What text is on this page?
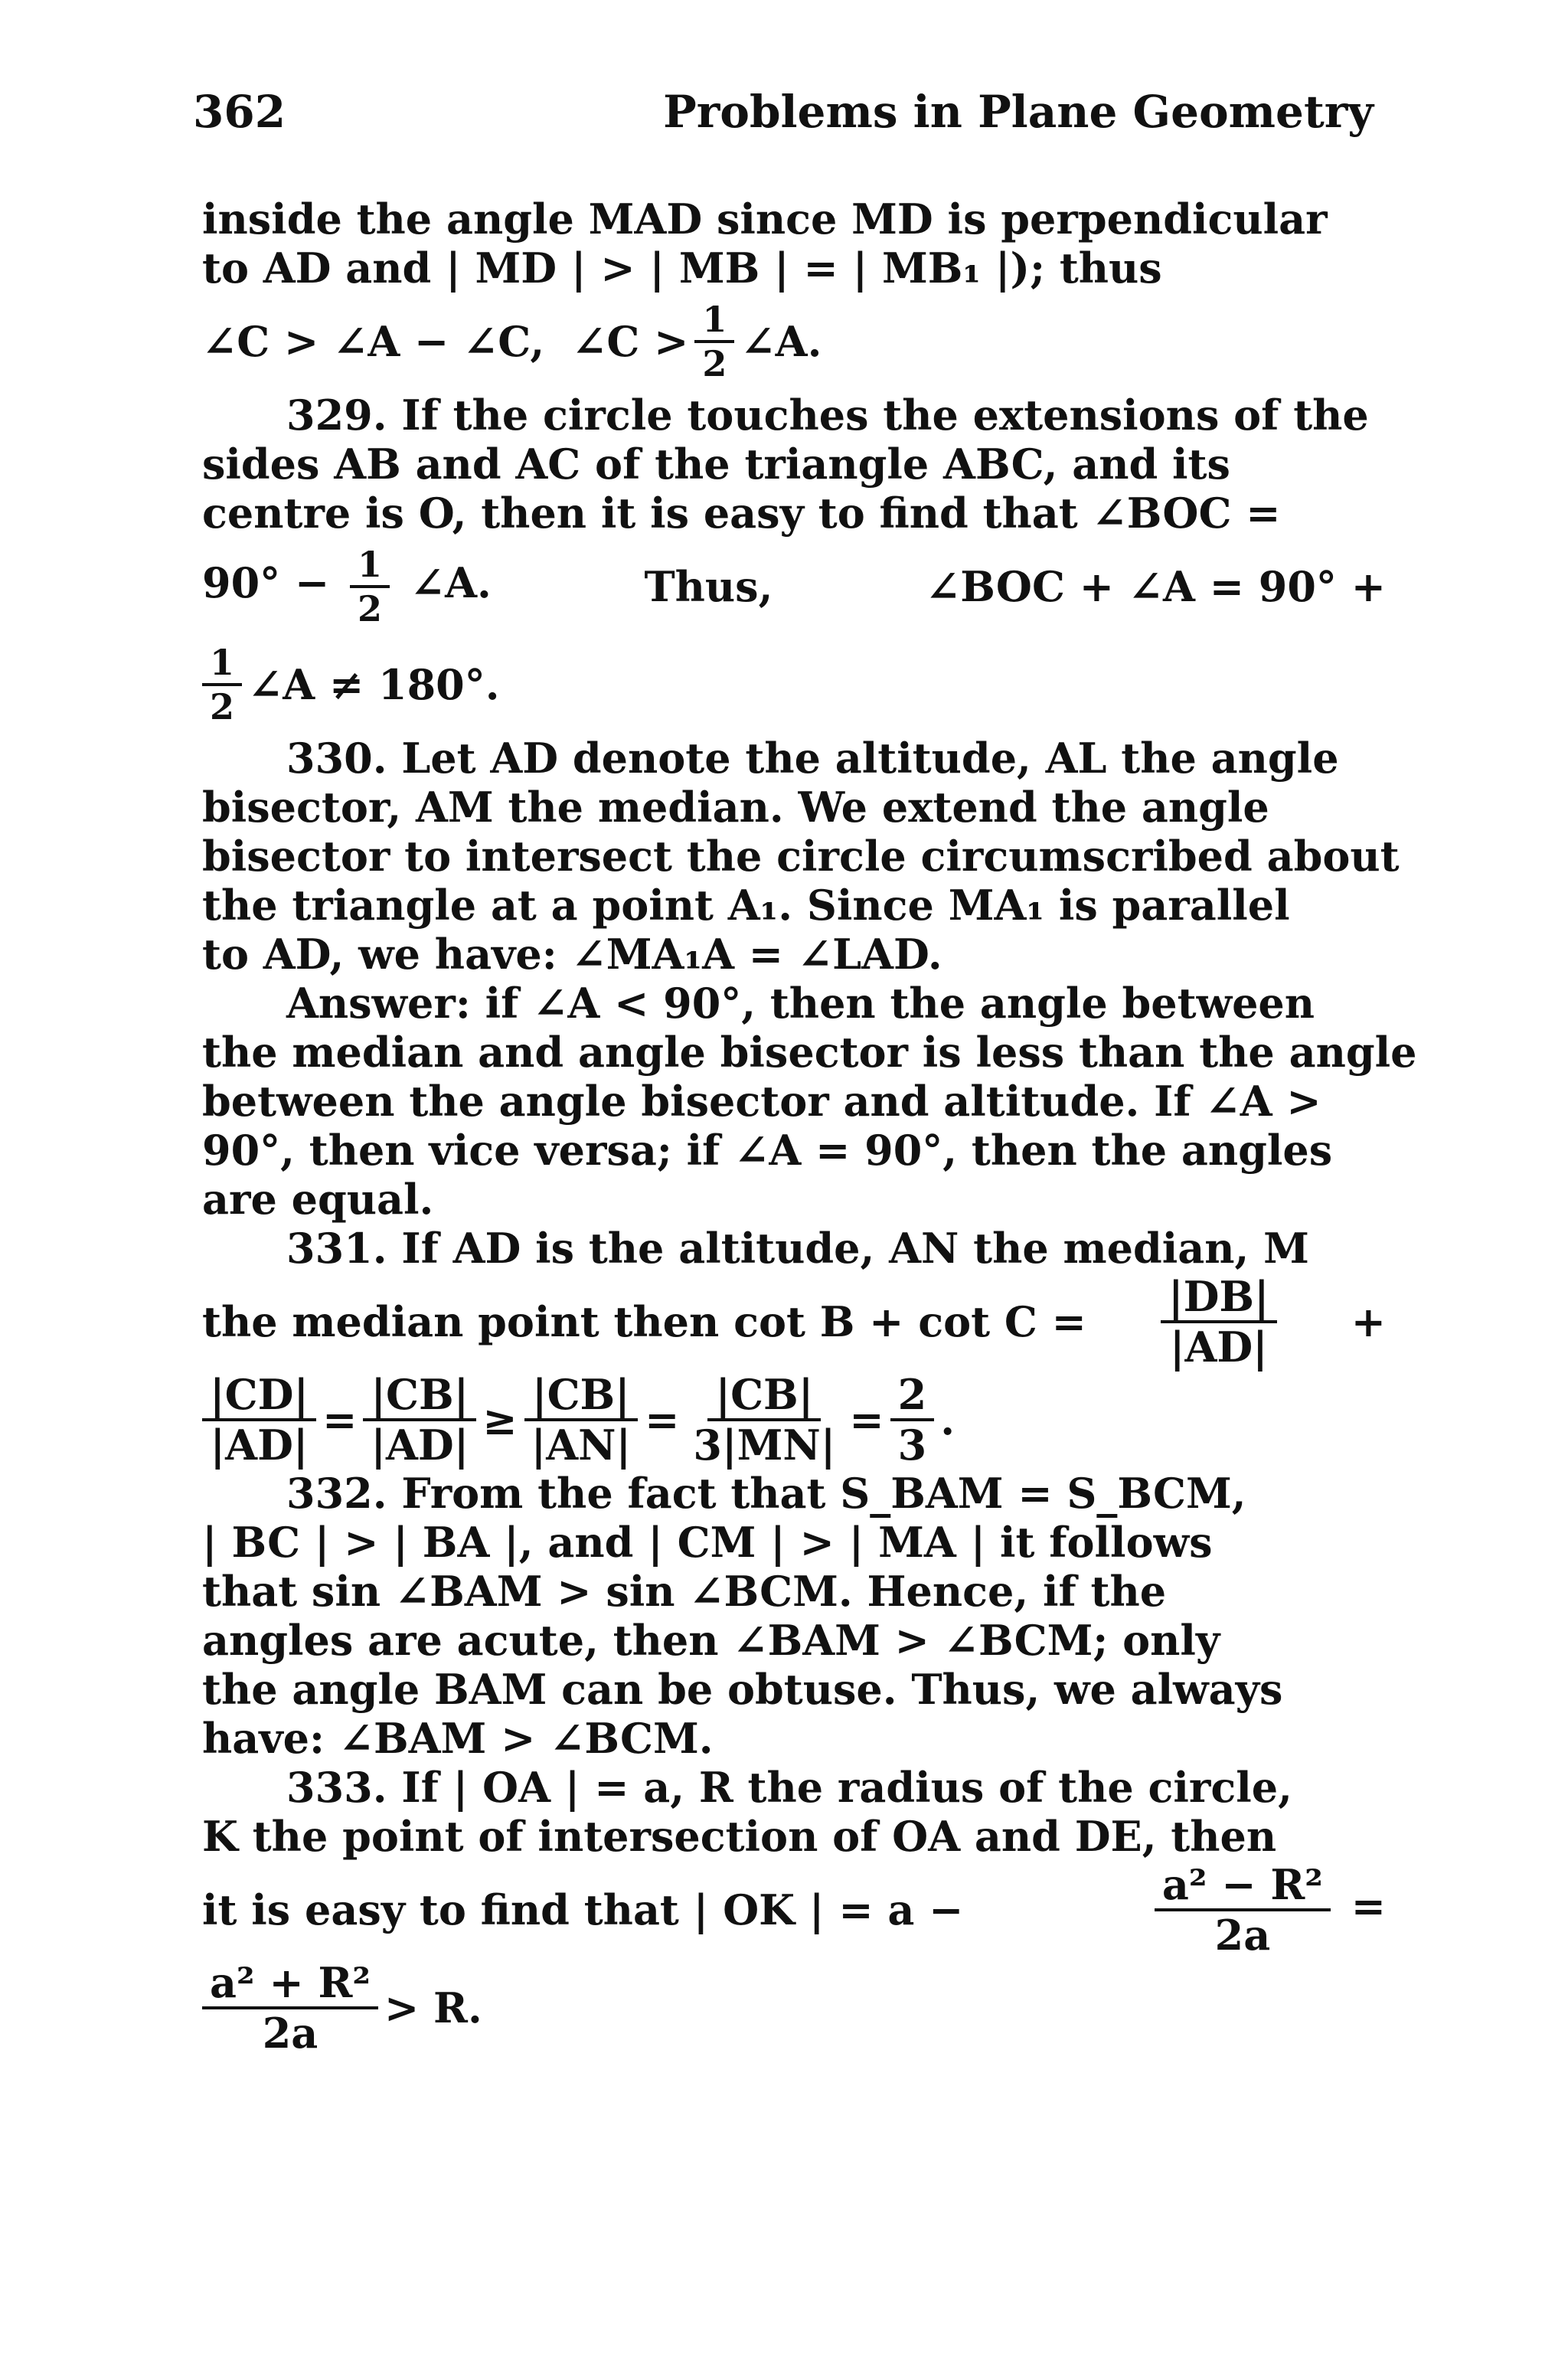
362	Problems in Plane Geometry
inside the angle MAD since MD is perpendicular
to AD and | MD | > | MB | = | MB₁ |); thus
∠C > ∠A − ∠C, ∠C > $\frac{1}{2}$ ∠A.
329. If the circle touches the extensions of the
sides AB and AC of the triangle ABC, and its
centre is O, then it is easy to find that ∠BOC =
$90^\circ - \frac{1}{2}$ ∠A.	Thus,	∠BOC + ∠A = 90° +
$\frac{1}{2}$ ∠A ≠ 180°.
330. Let AD denote the altitude, AL the angle
bisector, AM the median. We extend the angle
bisector to intersect the circle circumscribed about
the triangle at a point A₁. Since MA₁ is parallel
to AD, we have: ∠MA₁A = ∠LAD.
Answer: if ∠A < 90°, then the angle between
the median and angle bisector is less than the angle
between the angle bisector and altitude. If ∠A >
90°, then vice versa; if ∠A = 90°, then the angles
are equal.
331. If AD is the altitude, AN the median, M
the median point then $\cot B + \cot C = \frac{|DB|}{|AD|}$ +
$\frac{|CD|}{|AD|} = \frac{|CB|}{|AD|} \ge \frac{|CB|}{|AN|} = \frac{|CB|}{3|MN|} = \frac{2}{3}$ .
332. From the fact that S_BAM = S_BCM,
| BC | > | BA |, and | CM | > | MA | it follows
that sin ∠BAM > sin ∠BCM. Hence, if the
angles are acute, then ∠BAM > ∠BCM; only
the angle BAM can be obtuse. Thus, we always
have: ∠BAM > ∠BCM.
333. If | OA | = a, R the radius of the circle,
K the point of intersection of OA and DE, then
it is easy to find that | OK | = a −	$\frac{\text{a² − R²}}{2a}$ =
$\frac{\text{a² + R²}}{2a} > R$.
